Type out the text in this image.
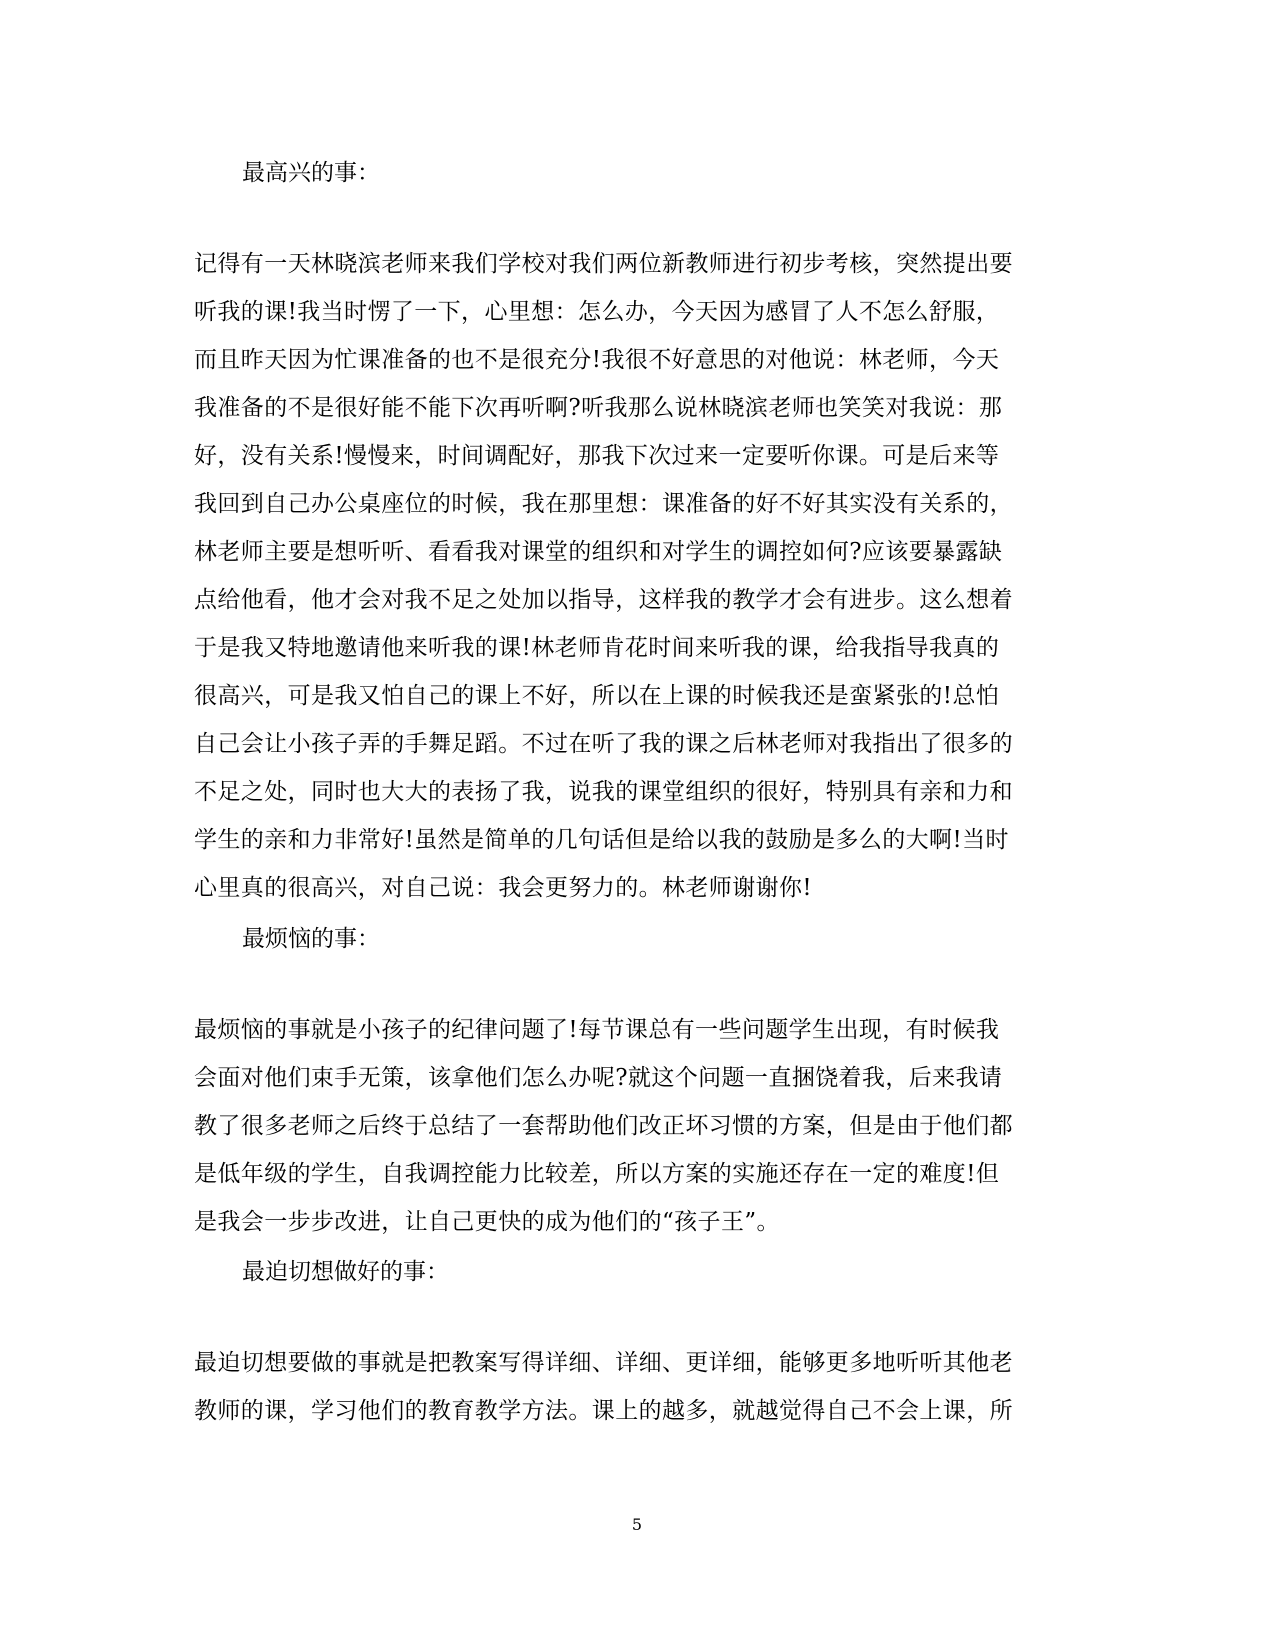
最高兴的事：
记得有一天林晓滨老师来我们学校对我们两位新教师进行初步考核，突然提出要
听我的课!我当时愣了一下，心里想：怎么办，今天因为感冒了人不怎么舒服，
而且昨天因为忙课准备的也不是很充分!我很不好意思的对他说：林老师，今天
我准备的不是很好能不能下次再听啊?听我那么说林晓滨老师也笑笑对我说：那
好，没有关系!慢慢来，时间调配好，那我下次过来一定要听你课。可是后来等
我回到自己办公桌座位的时候，我在那里想：课准备的好不好其实没有关系的，
林老师主要是想听听、看看我对课堂的组织和对学生的调控如何?应该要暴露缺
点给他看，他才会对我不足之处加以指导，这样我的教学才会有进步。这么想着
于是我又特地邀请他来听我的课!林老师肯花时间来听我的课，给我指导我真的
很高兴，可是我又怕自己的课上不好，所以在上课的时候我还是蛮紧张的!总怕
自己会让小孩子弄的手舞足蹈。不过在听了我的课之后林老师对我指出了很多的
不足之处，同时也大大的表扬了我，说我的课堂组织的很好，特别具有亲和力和
学生的亲和力非常好!虽然是简单的几句话但是给以我的鼓励是多么的大啊!当时
心里真的很高兴，对自己说：我会更努力的。林老师谢谢你!
最烦恼的事：
最烦恼的事就是小孩子的纪律问题了!每节课总有一些问题学生出现，有时候我
会面对他们束手无策，该拿他们怎么办呢?就这个问题一直捆饶着我，后来我请
教了很多老师之后终于总结了一套帮助他们改正坏习惯的方案，但是由于他们都
是低年级的学生，自我调控能力比较差，所以方案的实施还存在一定的难度!但
是我会一步步改进，让自己更快的成为他们的“孩子王”。
最迫切想做好的事：
最迫切想要做的事就是把教案写得详细、详细、更详细，能够更多地听听其他老
教师的课，学习他们的教育教学方法。课上的越多，就越觉得自己不会上课，所
5
